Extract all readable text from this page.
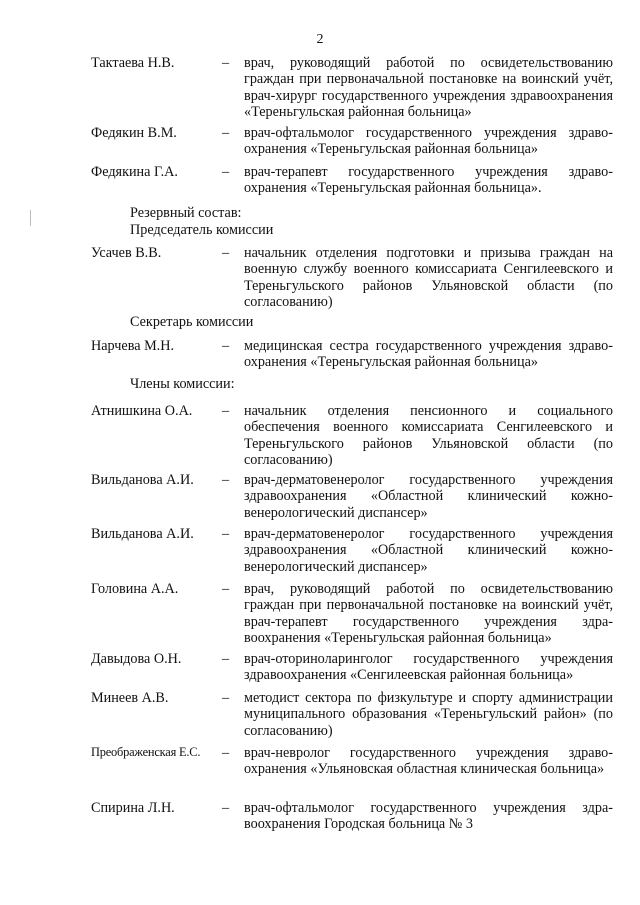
2
Тактаева Н.В.	– врач, руководящий работой по освидетельствованию граждан при первоначальной постановке на воинский учёт, врач-хирург государственного учреждения здравоохранения «Тереньгульская районная больница»
Федякин В.М.	– врач-офтальмолог государственного учреждения здравоохранения «Тереньгульская районная больница»
Федякина Г.А.	– врач-терапевт государственного учреждения здравоохранения «Тереньгульская районная больница».
Резервный состав:
Председатель комиссии
Усачев В.В.	– начальник отделения подготовки и призыва граждан на военную службу военного комиссариата Сенгилеевского и Тереньгульского районов Ульяновской области (по согласованию)
Секретарь комиссии
Нарчева М.Н.	– медицинская сестра государственного учреждения здравоохранения «Тереньгульская районная больница»
Члены комиссии:
Атнишкина О.А. – начальник отделения пенсионного и социального обеспечения военного комиссариата Сенгилеевского и Тереньгульского районов Ульяновской области (по согласованию)
Вильданова А.И. – врач-дерматовенеролог государственного учреждения здравоохранения «Областной клинический кожновенерологический диспансер»
Вильданова А.И. – врач-дерматовенеролог государственного учреждения здравоохранения «Областной клинический кожновенерологический диспансер»
Головина А.А.	– врач, руководящий работой по освидетельствованию граждан при первоначальной постановке на воинский учёт, врач-терапевт государственного учреждения здравоохранения «Тереньгульская районная больница»
Давыдова О.Н.	– врач-оториноларинголог государственного учреждения здравоохранения «Сенгилеевская районная больница»
Минеев А.В.	– методист сектора по физкультуре и спорту администрации муниципального образования «Тереньгульский район» (по согласованию)
Преображенская Е.С. – врач-невролог государственного учреждения здравоохранения «Ульяновская областная клиническая больница»
Спирина Л.Н.	– врач-офтальмолог государственного учреждения здравоохранения Городская больница № 3
